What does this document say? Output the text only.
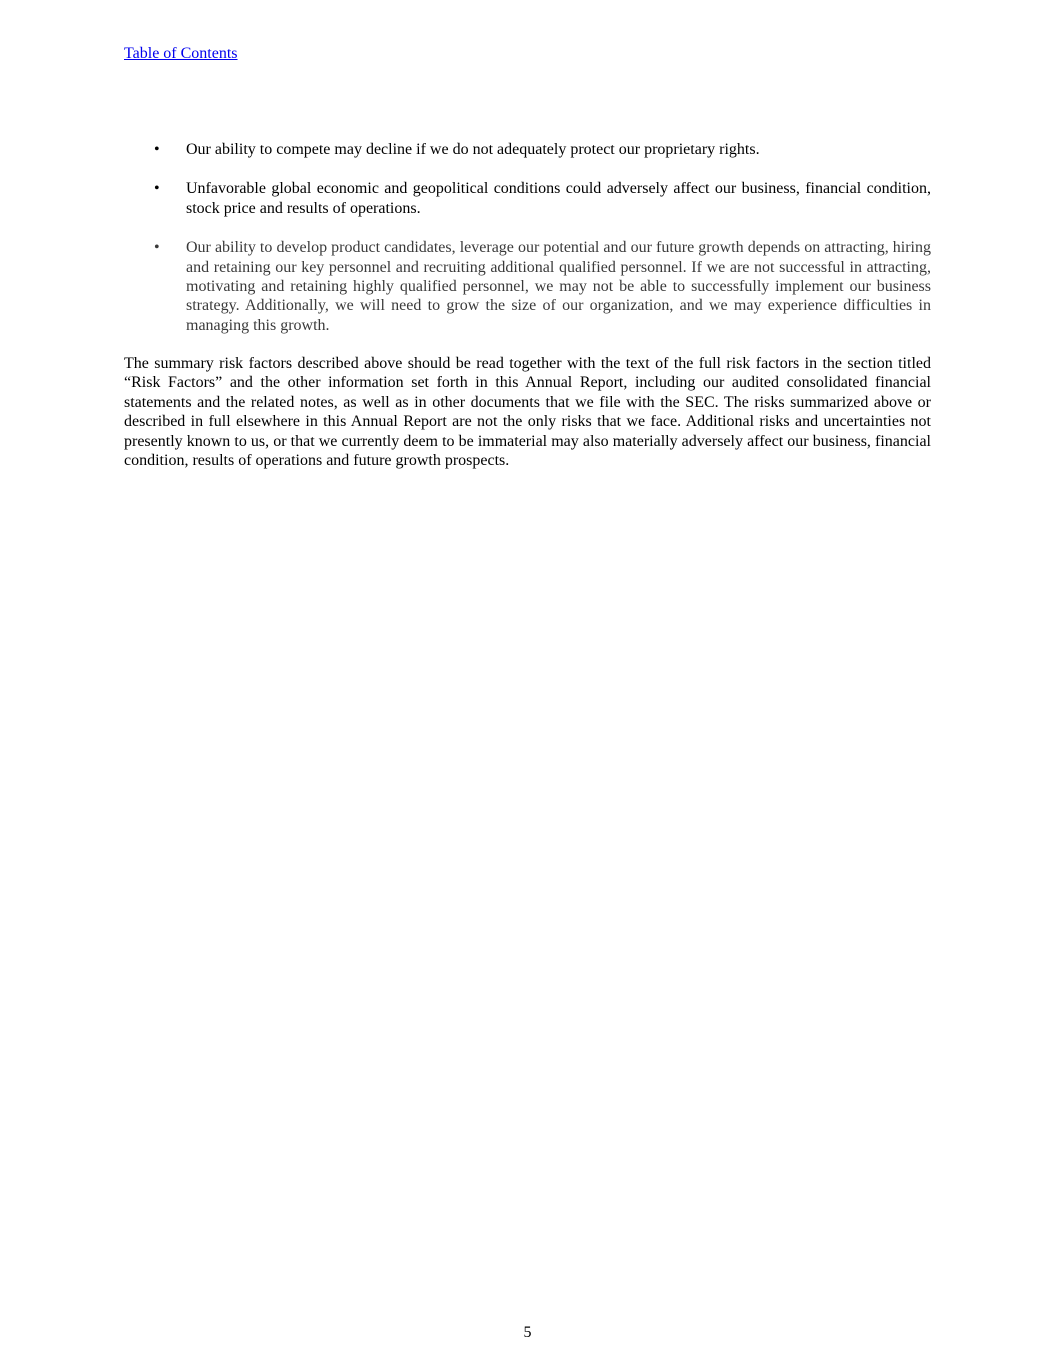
Table of Contents
•	Our ability to compete may decline if we do not adequately protect our proprietary rights.
•	Unfavorable global economic and geopolitical conditions could adversely affect our business, financial condition, stock price and results of operations.
•	Our ability to develop product candidates, leverage our potential and our future growth depends on attracting, hiring and retaining our key personnel and recruiting additional qualified personnel. If we are not successful in attracting, motivating and retaining highly qualified personnel, we may not be able to successfully implement our business strategy. Additionally, we will need to grow the size of our organization, and we may experience difficulties in managing this growth.

The summary risk factors described above should be read together with the text of the full risk factors in the section titled “Risk Factors” and the other information set forth in this Annual Report, including our audited consolidated financial statements and the related notes, as well as in other documents that we file with the SEC. The risks summarized above or described in full elsewhere in this Annual Report are not the only risks that we face. Additional risks and uncertainties not presently known to us, or that we currently deem to be immaterial may also materially adversely affect our business, financial condition, results of operations and future growth prospects.

5
